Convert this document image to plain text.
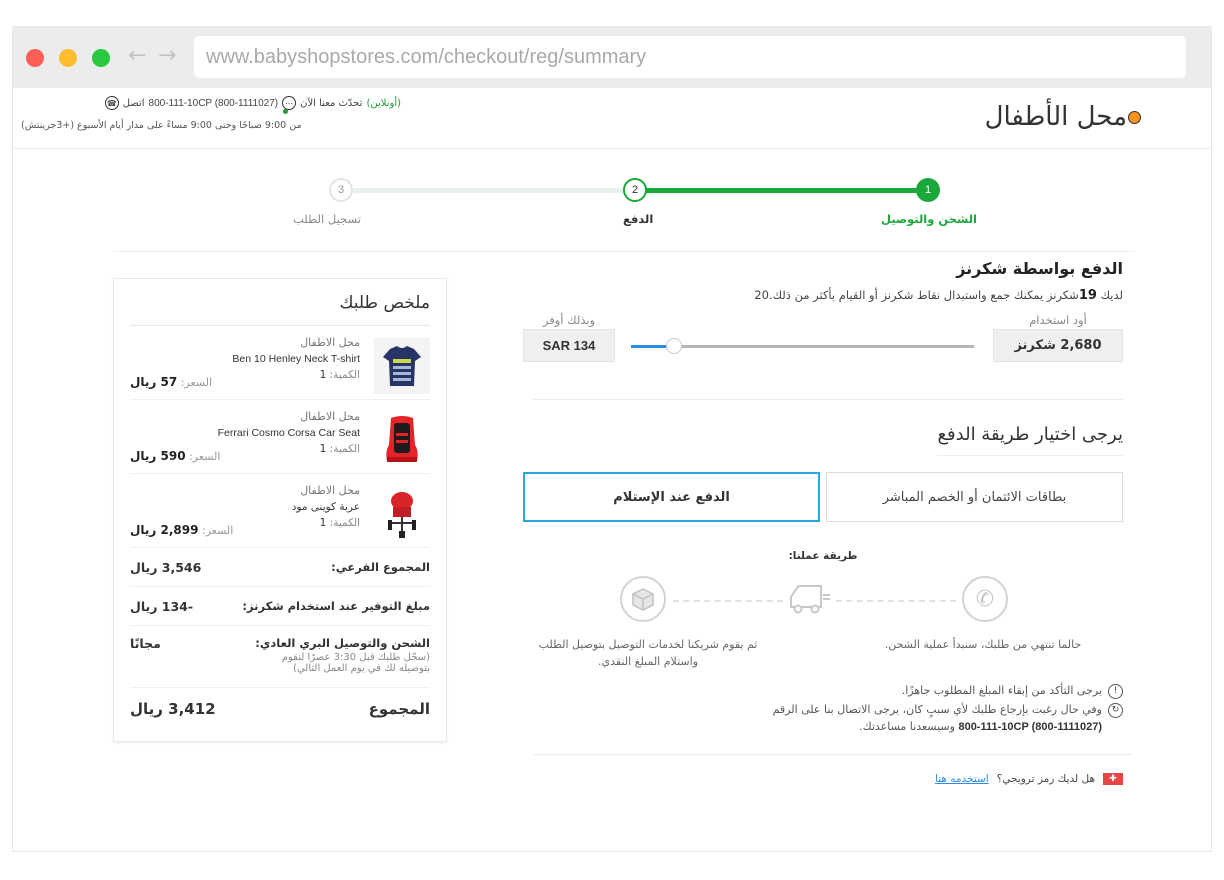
← →	www.babyshopstores.com/checkout/reg/summary
محل الأطفال
☎ اتصل 800-111-10CP (800-1111027) ⋯ تحدّث معنا الآن (أونلاين)
من 9:00 صباحًا وحتى 9:00 مساءً على مدار أيام الأسبوع (+3جرينتش)
1
2
3
الشحن والتوصيل
الدفع
تسجيل الطلب
ملخص طلبك
محل الاطفال
Ben 10 Henley Neck T-shirt
الكمية: 1
السعر: 57 ريال
محل الاطفال
Ferrari Cosmo Corsa Car Seat
الكمية: 1
السعر: 590 ريال
محل الاطفال
عربة كوينى مود
الكمية: 1
السعر: 2,899 ريال
المجموع الفرعي:
3,546 ريال
مبلغ التوفير عند استخدام شكرنز:
-134 ريال
الشحن والتوصيل البري العادي:
(سجّل طلبك قبل 3:30 عصرًا لنقوم بتوصيله لك في يوم العمل التالي)
مجانًا
المجموع
3,412 ريال
الدفع بواسطة شكرنز
لديك 19شكرنز يمكنك جمع واستبدال نقاط شكرنز أو القيام بأكثر من ذلك.20
أود استخدام
2,680 شكرنز
وبذلك أوفر
SAR 134
يرجى اختيار طريقة الدفع
بطاقات الائتمان أو الخصم المباشر
الدفع عند الإستلام
طريقة عملنا:
✆
حالما تنتهي من طلبك، سنبدأ عملية الشحن.
ثم يقوم شريكنا لخدمات التوصيل بتوصيل الطلب واستلام المبلغ النقدي.
!
يرجى التأكد من إبقاء المبلغ المطلوب جاهزًا.
↻
وفي حال رغبت بإرجاع طلبك لأي سببٍ كان، يرجى الاتصال بنا على الرقم
800-111-10CP (800-1111027) وسيسعدنا مساعدتك.
✚
هل لديك رمز ترويجي؟
استخدمه هنا
